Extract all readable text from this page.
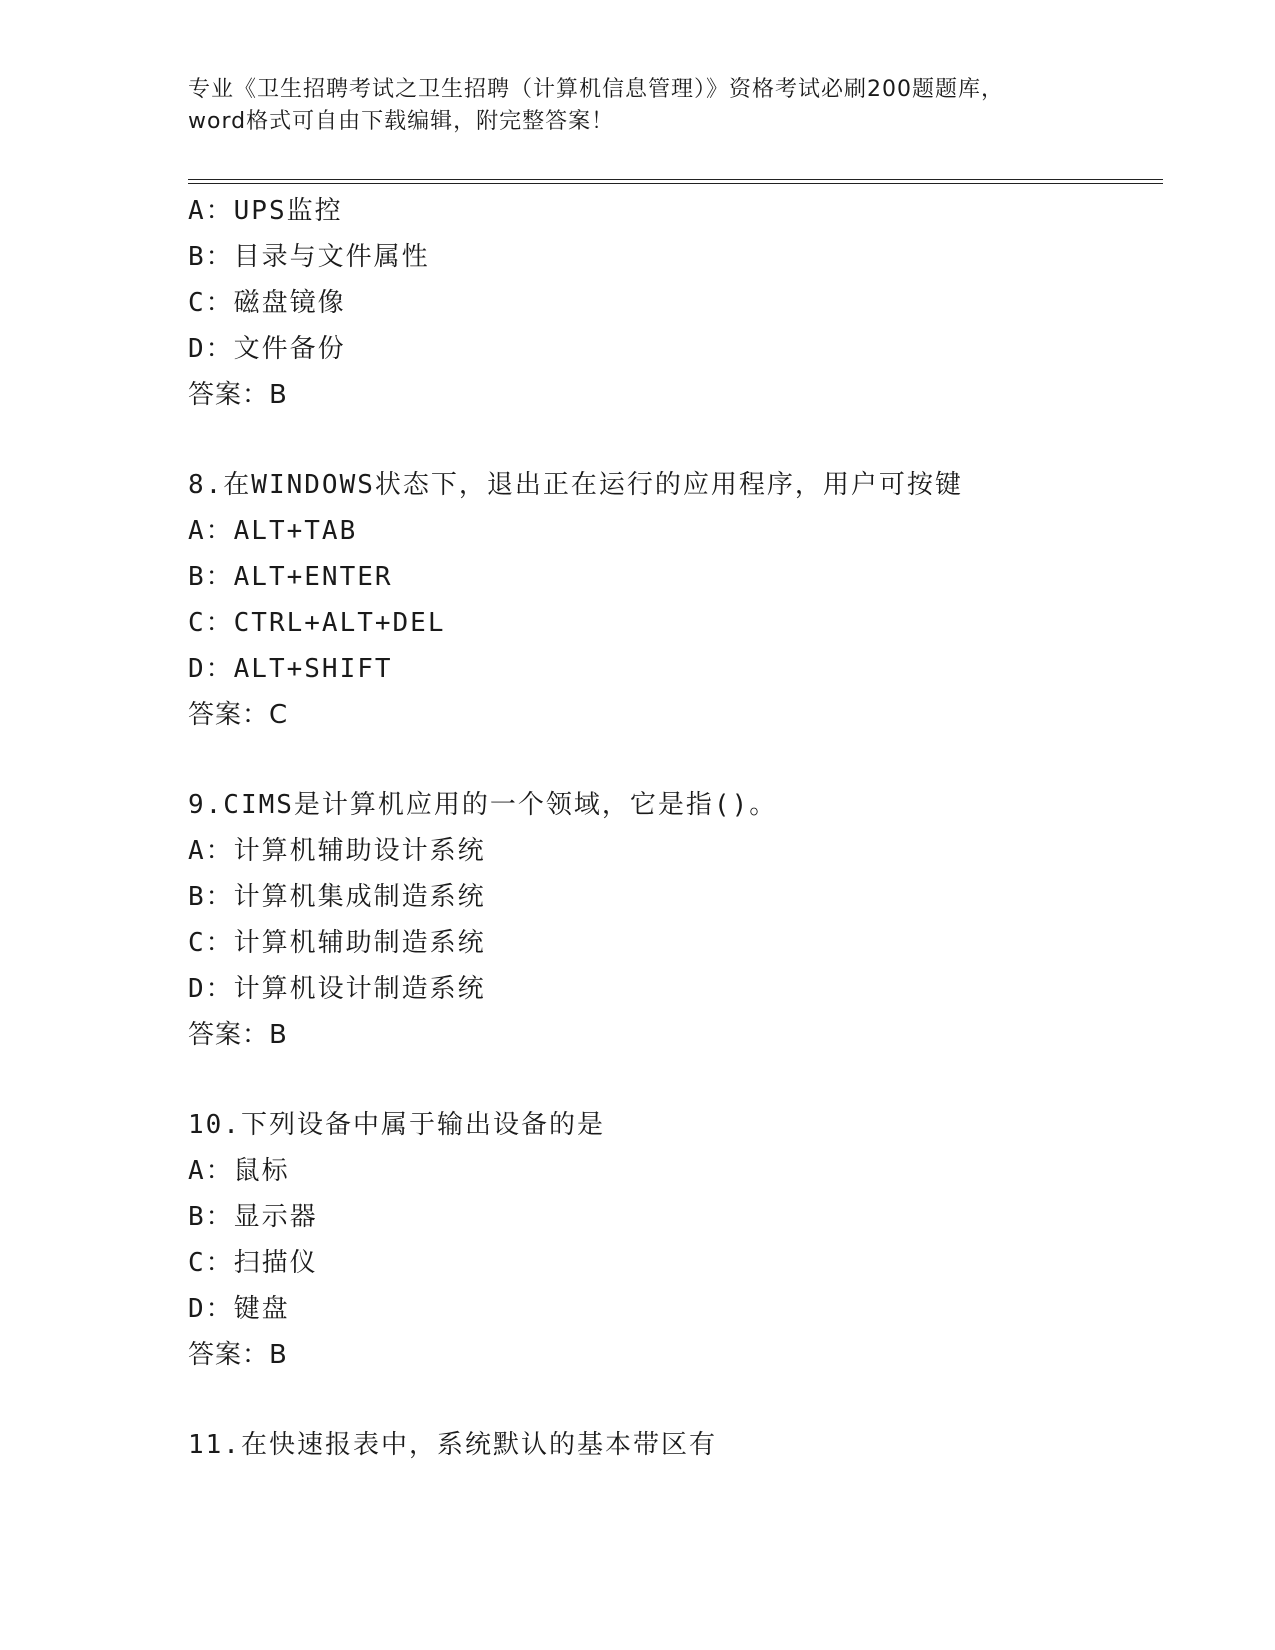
专业《卫生招聘考试之卫生招聘（计算机信息管理）》资格考试必刷200题题库，
word格式可自由下载编辑，附完整答案！
A：UPS监控
B：目录与文件属性
C：磁盘镜像
D：文件备份
答案：B
8.在WINDOWS状态下，退出正在运行的应用程序，用户可按键
A：ALT+TAB
B：ALT+ENTER
C：CTRL+ALT+DEL
D：ALT+SHIFT
答案：C
9.CIMS是计算机应用的一个领域，它是指()。
A：计算机辅助设计系统
B：计算机集成制造系统
C：计算机辅助制造系统
D：计算机设计制造系统
答案：B
10.下列设备中属于输出设备的是
A：鼠标
B：显示器
C：扫描仪
D：键盘
答案：B
11.在快速报表中，系统默认的基本带区有
